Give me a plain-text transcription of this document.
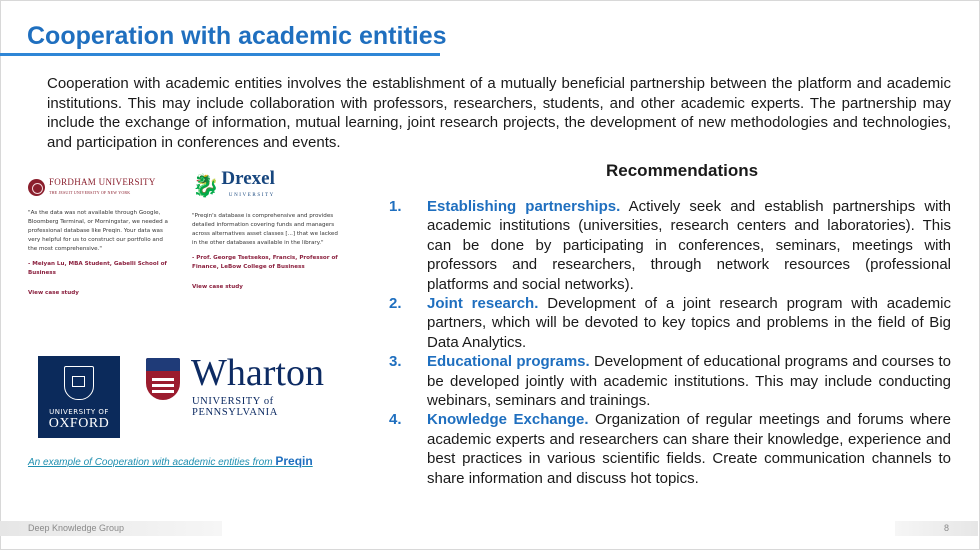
Cooperation with academic entities

Cooperation with academic entities involves the establishment of a mutually beneficial partnership between the platform and academic institutions. This may include collaboration with professors, researchers, students, and other academic experts. The partnership may include the exchange of information, mutual learning, joint research projects, the development of new methodologies and technologies, and participation in conferences and events.

Recommendations
1. Establishing partnerships. Actively seek and establish partnerships with academic institutions (universities, research centers and laboratories). This can be done by participating in conferences, seminars, meetings with professors and researchers, through network resources (professional platforms and social networks).
2. Joint research. Development of a joint research program with academic partners, which will be devoted to key topics and problems in the field of Big Data Analytics.
3. Educational programs. Development of educational programs and courses to be developed jointly with academic institutions. This may include conducting webinars, seminars and trainings.
4. Knowledge Exchange. Organization of regular meetings and forums where academic experts and researchers can share their knowledge, experience and best practices in various scientific fields. Create communication channels to share information and discuss hot topics.
FORDHAM UNIVERSITY
THE JESUIT UNIVERSITY OF NEW YORK

"As the data was not available through Google, Bloomberg Terminal, or Morningstar, we needed a professional database like Preqin. Your data was very helpful for us to construct our portfolio and the most comprehensive."

- Meiyan Lu, MBA Student, Gabelli School of Business

View case study
🐉 Drexel
UNIVERSITY

"Preqin's database is comprehensive and provides detailed information covering funds and managers across alternatives asset classes [...] that we lacked in the other databases available in the library."

- Prof. George Tsetsekos, Francis, Professor of Finance, LeBow College of Business

View case study
UNIVERSITY OF
OXFORD
Wharton
UNIVERSITY of PENNSYLVANIA

An example of Cooperation with academic entities from Preqin

Deep Knowledge Group	8
